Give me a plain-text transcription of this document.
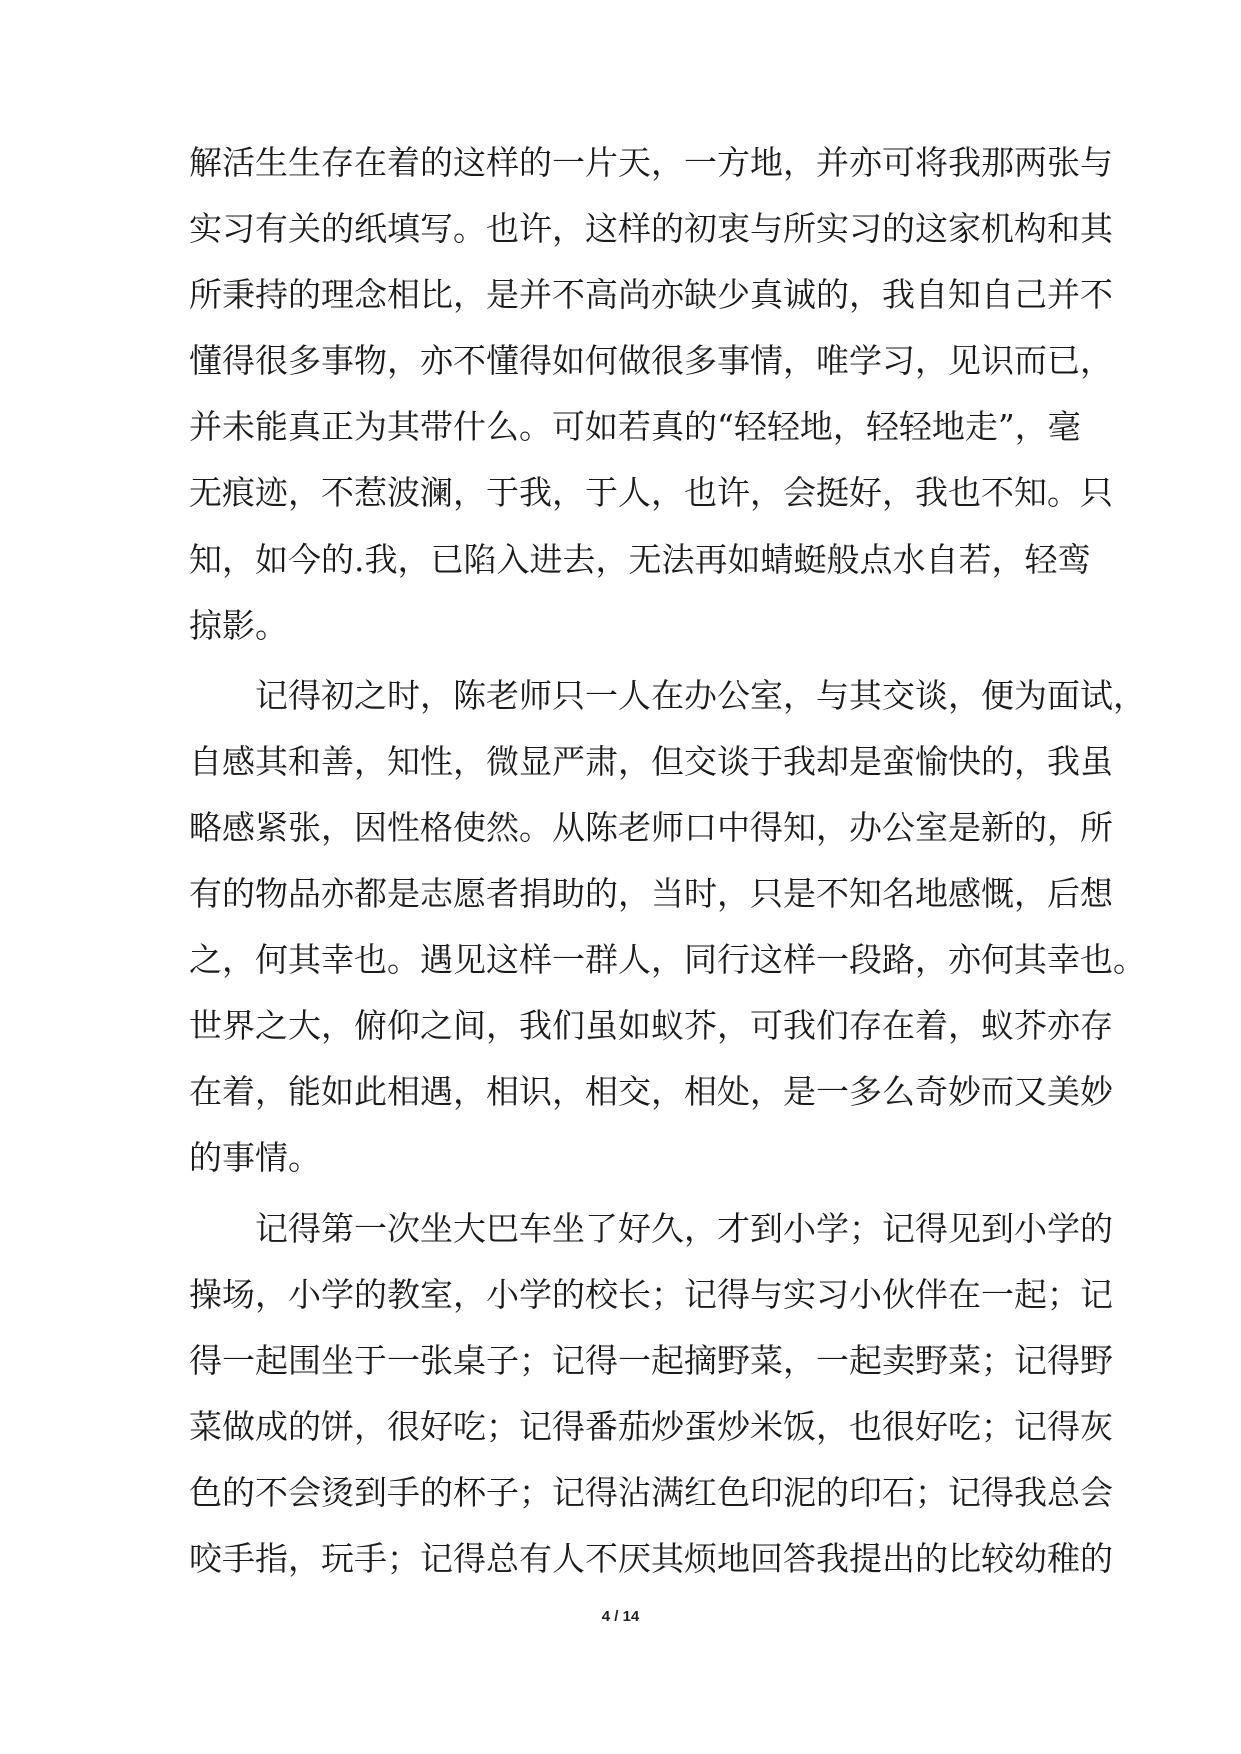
解活生生存在着的这样的一片天，一方地，并亦可将我那两张与
实习有关的纸填写。也许，这样的初衷与所实习的这家机构和其
所秉持的理念相比，是并不高尚亦缺少真诚的，我自知自己并不
懂得很多事物，亦不懂得如何做很多事情，唯学习，见识而已，
并未能真正为其带什么。可如若真的“轻轻地，轻轻地走”，毫
无痕迹，不惹波澜，于我，于人，也许，会挺好，我也不知。只
知，如今的.我，已陷入进去，无法再如蜻蜓般点水自若，轻鸾
掠影。
记得初之时，陈老师只一人在办公室，与其交谈，便为面试，
自感其和善，知性，微显严肃，但交谈于我却是蛮愉快的，我虽
略感紧张，因性格使然。从陈老师口中得知，办公室是新的，所
有的物品亦都是志愿者捐助的，当时，只是不知名地感慨，后想
之，何其幸也。遇见这样一群人，同行这样一段路，亦何其幸也。
世界之大，俯仰之间，我们虽如蚁芥，可我们存在着，蚁芥亦存
在着，能如此相遇，相识，相交，相处，是一多么奇妙而又美妙
的事情。
记得第一次坐大巴车坐了好久，才到小学；记得见到小学的
操场，小学的教室，小学的校长；记得与实习小伙伴在一起；记
得一起围坐于一张桌子；记得一起摘野菜，一起卖野菜；记得野
菜做成的饼，很好吃；记得番茄炒蛋炒米饭，也很好吃；记得灰
色的不会烫到手的杯子；记得沾满红色印泥的印石；记得我总会
咬手指，玩手；记得总有人不厌其烦地回答我提出的比较幼稚的
4 / 14
